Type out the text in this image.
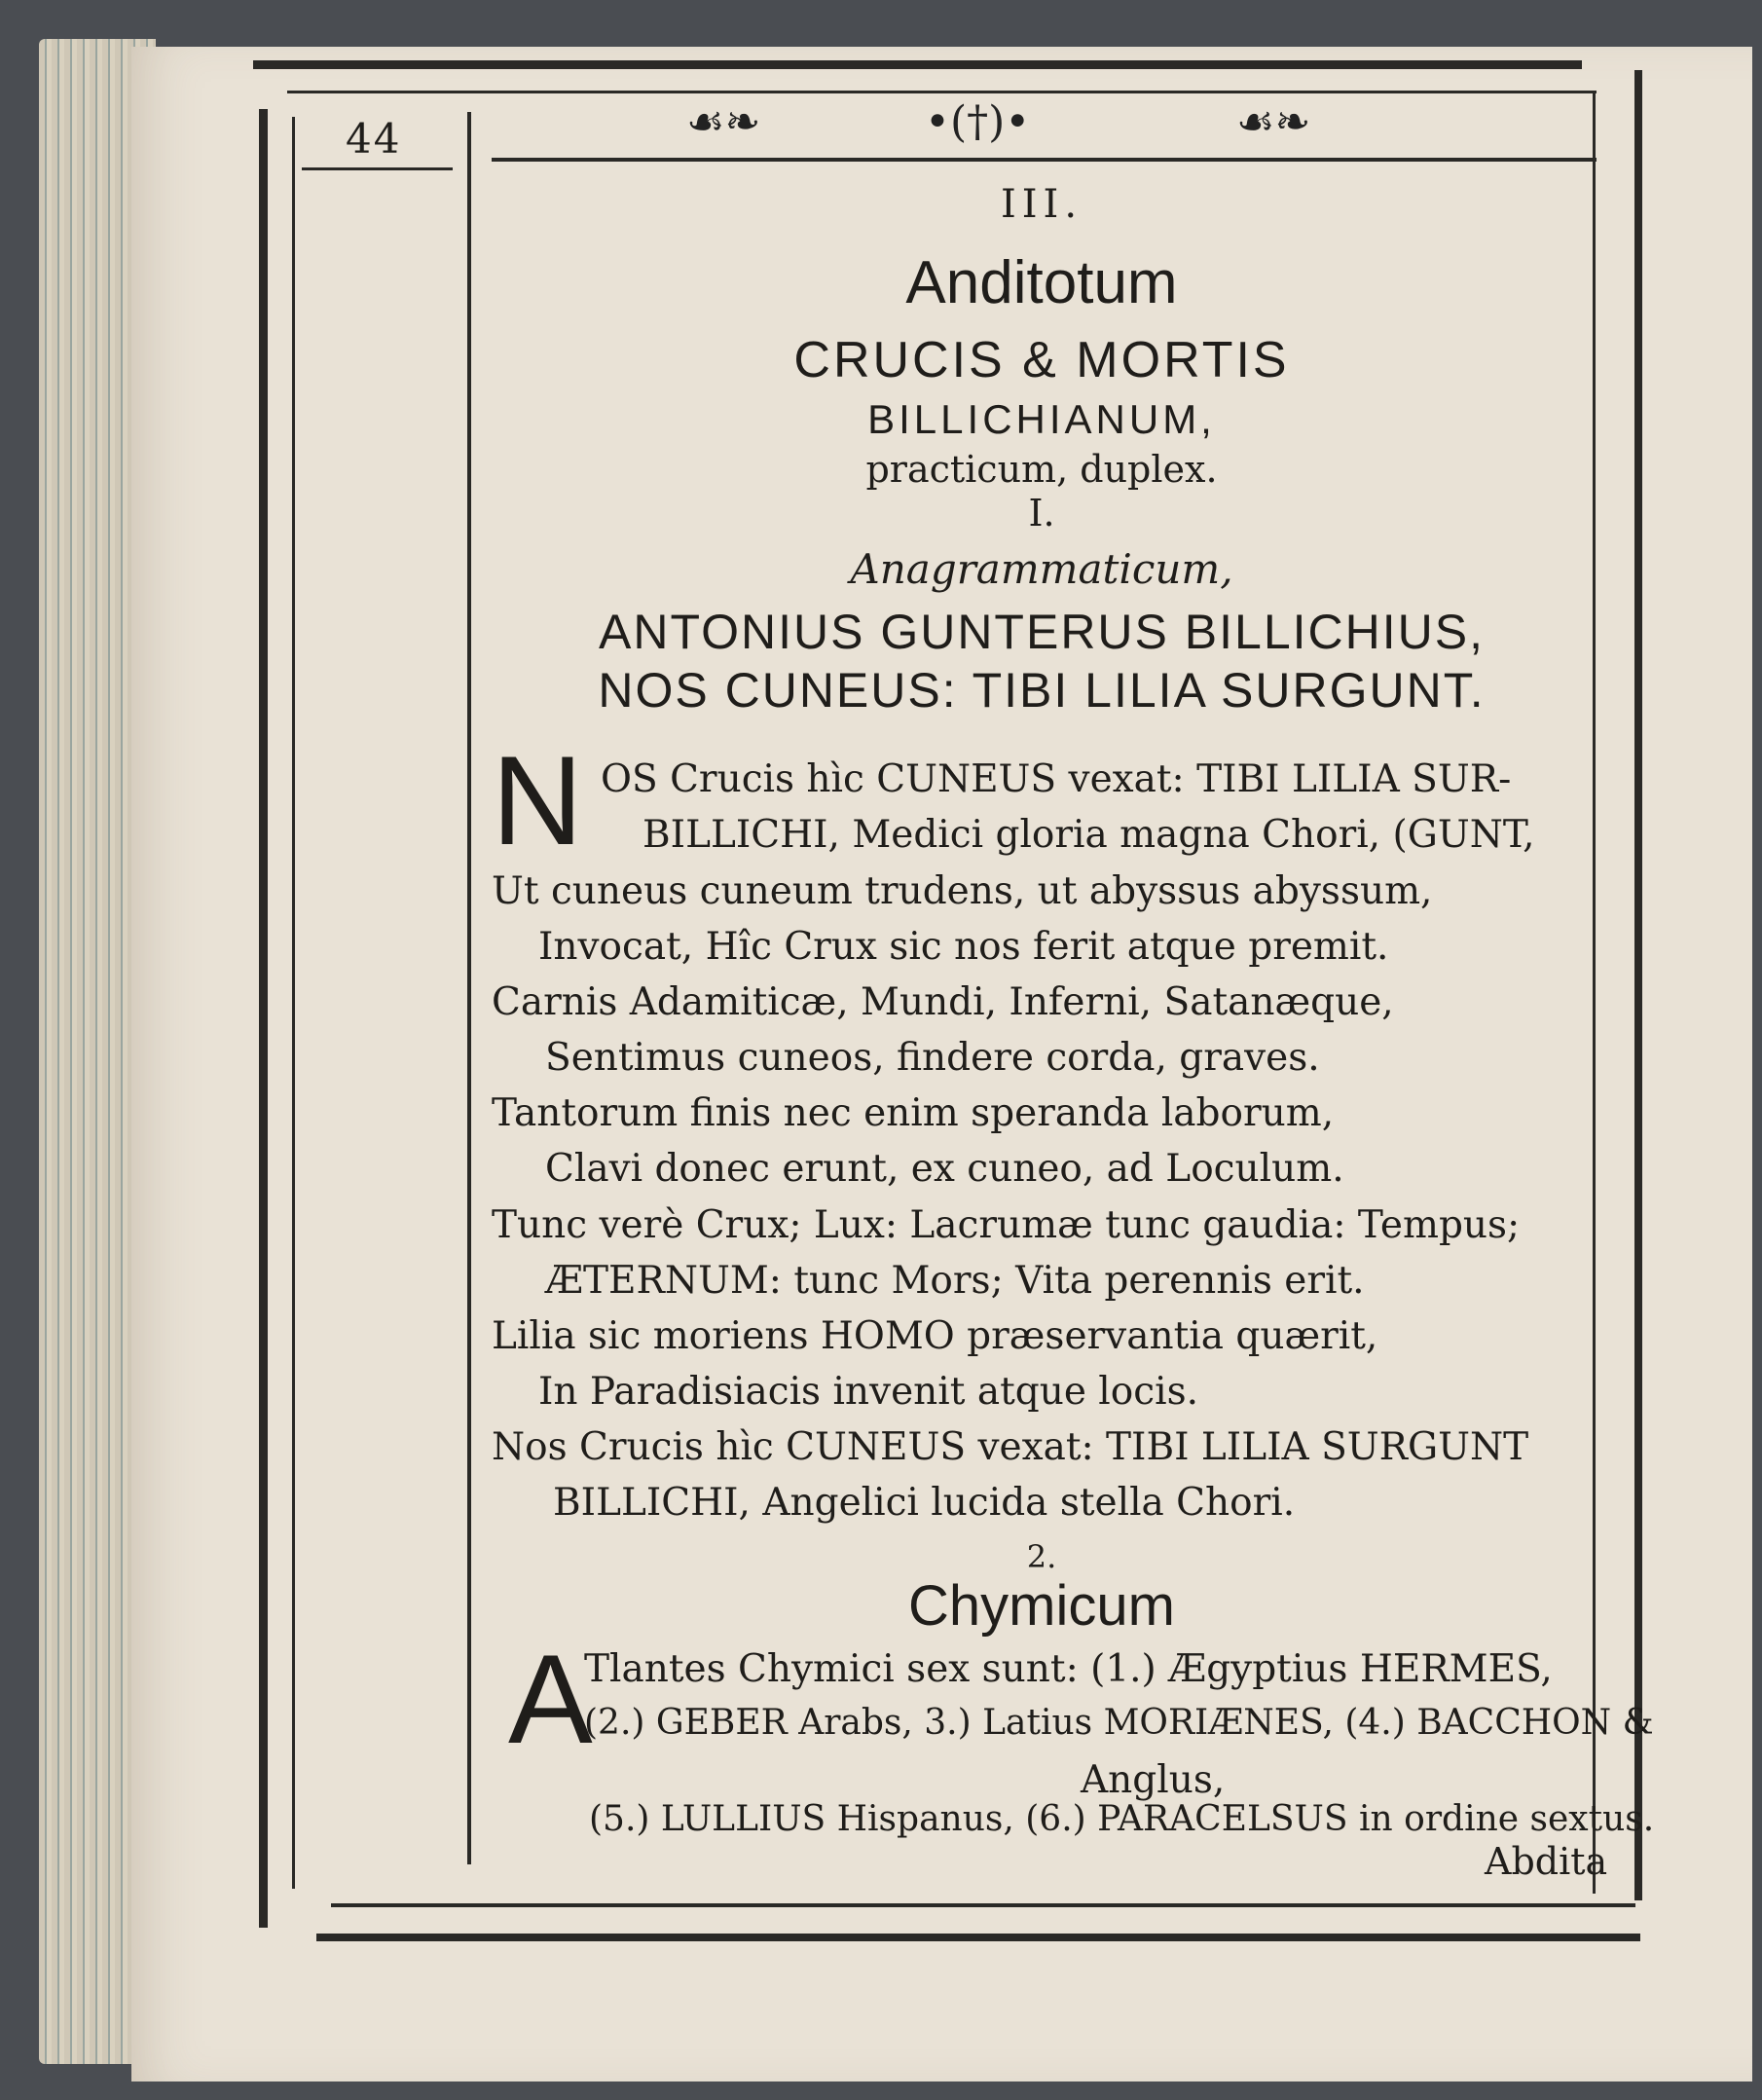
44	☙❧	•(†)•	☙❧
III.
Anditotum
CRUCIS & MORTIS
BILLICHIANUM,
practicum, duplex.
I.
Anagrammaticum,
ANTONIUS GUNTERUS BILLICHIUS,
NOS CUNEUS: TIBI LILIA SURGUNT.
N OS Crucis hìc CUNEUS vexat: TIBI LILIA SUR-
BILLICHI, Medici gloria magna Chori, (GUNT,
Ut cuneus cuneum trudens, ut abyssus abyssum,
Invocat, Hîc Crux sic nos ferit atque premit.
Carnis Adamiticæ, Mundi, Inferni, Satanæque,
Sentimus cuneos, findere corda, graves.
Tantorum finis nec enim speranda laborum,
Clavi donec erunt, ex cuneo, ad Loculum.
Tunc verè Crux; Lux: Lacrumæ tunc gaudia: Tempus;
ÆTERNUM: tunc Mors; Vita perennis erit.
Lilia sic moriens HOMO præservantia quærit,
In Paradisiacis invenit atque locis.
Nos Crucis hìc CUNEUS vexat: TIBI LILIA SURGUNT
BILLICHI, Angelici lucida stella Chori.
2.
Chymicum
A
Tlantes Chymici sex sunt: (1.) Ægyptius HERMES,
(2.) GEBER Arabs, 3.) Latius MORIÆNES, (4.) BACCHON &
Anglus,
(5.) LULLIUS Hispanus, (6.) PARACELSUS in ordine sextus.
Abdita
